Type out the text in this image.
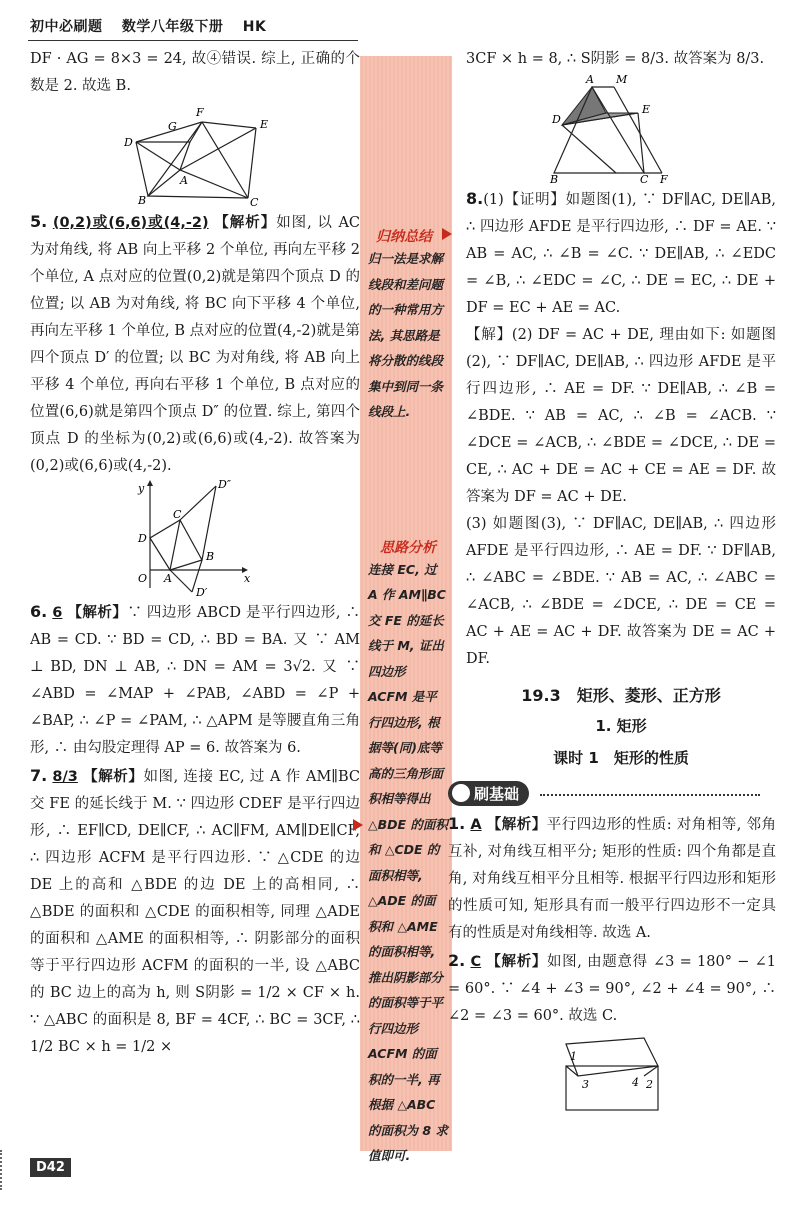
初中必刷题 数学八年级下册 HK

DF · AG = 8×3 = 24, 故④错误. 综上, 正确的个数是 2. 故选 B.

G
F
E
D
A
B	C

5. (0,2)或(6,6)或(4,-2) 【解析】如图, 以 AC 为对角线, 将 AB 向上平移 2 个单位, 再向左平移 2 个单位, A 点对应的位置(0,2)就是第四个顶点 D 的位置; 以 AB 为对角线, 将 BC 向下平移 4 个单位, 再向左平移 1 个单位, B 点对应的位置(4,-2)就是第四个顶点 D′ 的位置; 以 BC 为对角线, 将 AB 向上平移 4 个单位, 再向右平移 1 个单位, B 点对应的位置(6,6)就是第四个顶点 D″ 的位置. 综上, 第四个顶点 D 的坐标为(0,2)或(6,6)或(4,-2). 故答案为(0,2)或(6,6)或(4,-2).

y	D″
C
D
B
O A	x
D′

6. 6 【解析】∵ 四边形 ABCD 是平行四边形, ∴ AB = CD. ∵ BD = CD, ∴ BD = BA. 又 ∵ AM ⊥ BD, DN ⊥ AB, ∴ DN = AM = 3√2. 又 ∵ ∠ABD = ∠MAP + ∠PAB, ∠ABD = ∠P + ∠BAP, ∴ ∠P = ∠PAM, ∴ △APM 是等腰直角三角形, ∴ 由勾股定理得 AP = 6. 故答案为 6.

7. 8/3 【解析】如图, 连接 EC, 过 A 作 AM∥BC 交 FE 的延长线于 M. ∵ 四边形 CDEF 是平行四边形, ∴ EF∥CD, DE∥CF, ∴ AC∥FM, AM∥DE∥CF, ∴ 四边形 ACFM 是平行四边形. ∵ △CDE 的边 DE 上的高和 △BDE 的边 DE 上的高相同, ∴ △BDE 的面积和 △CDE 的面积相等, 同理 △ADE 的面积和 △AME 的面积相等, ∴ 阴影部分的面积等于平行四边形 ACFM 的面积的一半, 设 △ABC 的 BC 边上的高为 h, 则 S阴影 = 1/2 × CF × h. ∵ △ABC 的面积是 8, BF = 4CF, ∴ BC = 3CF, ∴ 1/2 BC × h = 1/2 ×

归纳总结

归一法是求解线段和差问题的一种常用方法, 其思路是将分散的线段集中到同一条线段上.

思路分析

连接 EC, 过 A 作 AM∥BC 交 FE 的延长线于 M, 证出四边形 ACFM 是平行四边形, 根据等(同)底等高的三角形面积相等得出 △BDE 的面积和 △CDE 的面积相等, △ADE 的面积和 △AME 的面积相等, 推出阴影部分的面积等于平行四边形 ACFM 的面积的一半, 再根据 △ABC 的面积为 8 求值即可.

3CF × h = 8, ∴ S阴影 = 8/3. 故答案为 8/3.

A M
E
D
B	C F

8.(1)【证明】如题图(1), ∵ DF∥AC, DE∥AB, ∴ 四边形 AFDE 是平行四边形, ∴ DF = AE. ∵ AB = AC, ∴ ∠B = ∠C. ∵ DE∥AB, ∴ ∠EDC = ∠B, ∴ ∠EDC = ∠C, ∴ DE = EC, ∴ DE + DF = EC + AE = AC.

【解】(2) DF = AC + DE, 理由如下: 如题图(2), ∵ DF∥AC, DE∥AB, ∴ 四边形 AFDE 是平行四边形, ∴ AE = DF. ∵ DE∥AB, ∴ ∠B = ∠BDE. ∵ AB = AC, ∴ ∠B = ∠ACB. ∵ ∠DCE = ∠ACB, ∴ ∠BDE = ∠DCE, ∴ DE = CE, ∴ AC + DE = AC + CE = AE = DF. 故答案为 DF = AC + DE.

(3) 如题图(3), ∵ DF∥AC, DE∥AB, ∴ 四边形 AFDE 是平行四边形, ∴ AE = DF. ∵ DF∥AB, ∴ ∠ABC = ∠BDE. ∵ AB = AC, ∴ ∠ABC = ∠ACB, ∴ ∠BDE = ∠DCE, ∴ DE = CE = AC + AE = AC + DF. 故答案为 DE = AC + DF.

19.3　矩形、菱形、正方形

1. 矩形

课时 1　矩形的性质

刷基础

1. A 【解析】平行四边形的性质: 对角相等, 邻角互补, 对角线互相平分; 矩形的性质: 四个角都是直角, 对角线互相平分且相等. 根据平行四边形和矩形的性质可知, 矩形具有而一般平行四边形不一定具有的性质是对角线相等. 故选 A.

2. C 【解析】如图, 由题意得 ∠3 = 180° − ∠1 = 60°. ∵ ∠4 + ∠3 = 90°, ∠2 + ∠4 = 90°, ∴ ∠2 = ∠3 = 60°. 故选 C.

1
3	4 2
D42
